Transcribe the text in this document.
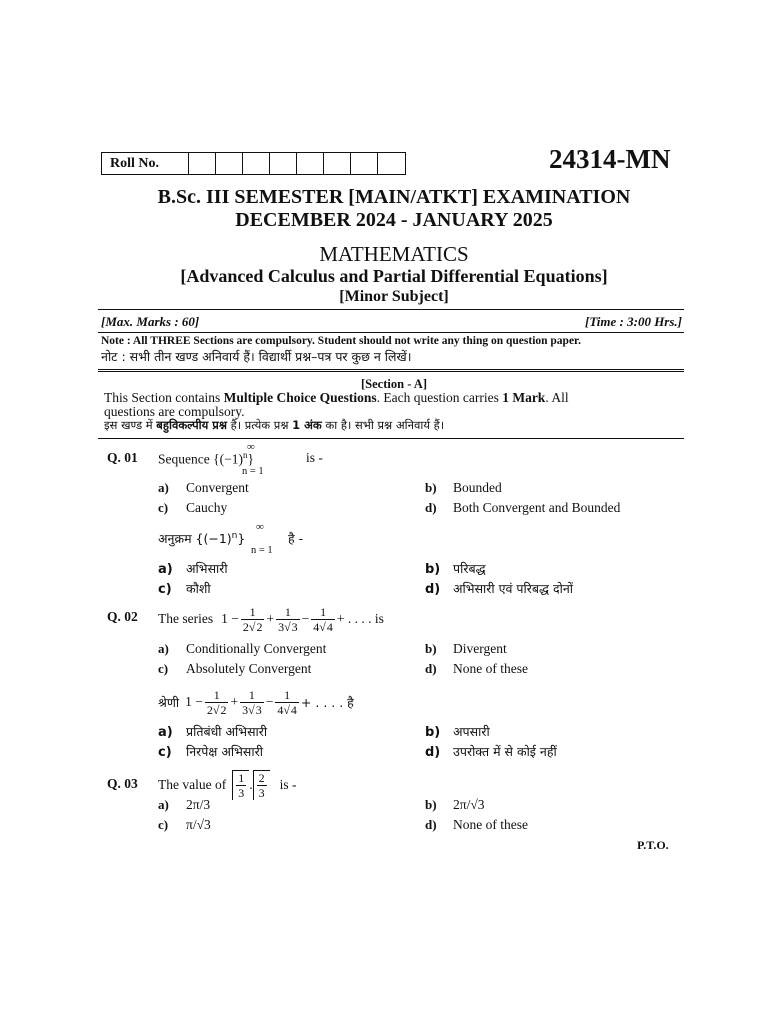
Roll No.	24314-MN
B.Sc. III SEMESTER [MAIN/ATKT] EXAMINATION
DECEMBER 2024 - JANUARY 2025
MATHEMATICS
[Advanced Calculus and Partial Differential Equations]
[Minor Subject]
[Max. Marks : 60]	[Time : 3:00 Hrs.]
Note : All THREE Sections are compulsory. Student should not write any thing on question paper.
नोट : सभी तीन खण्ड अनिवार्य हैं। विद्यार्थी प्रश्न–पत्र पर कुछ न लिखें।
[Section - A]
This Section contains Multiple Choice Questions. Each question carries 1 Mark. All
questions are compulsory.
इस खण्ड में बहुविकल्पीय प्रश्न हैं। प्रत्येक प्रश्न 1 अंक का है। सभी प्रश्न अनिवार्य हैं।
Q. 01 Sequence $\{(-1)^n\}$
∞
n = 1
is -
a) Convergent	b) Bounded
c) Cauchy	d) Both Convergent and Bounded
अनुक्रम $\{(-1)^n\}$
∞
n = 1
है -
a) अभिसारी	b) परिबद्ध
c) कौशी	d) अभिसारी एवं परिबद्ध दोनों
Q. 02 The series $1 - \frac{1}{2√2} + \frac{1}{3√3} - \frac{1}{4√4}$ + . . . . is
a) Conditionally Convergent	b) Divergent
c) Absolutely Convergent	d) None of these
श्रेणी $1 - \frac{1}{2√2} + \frac{1}{3√3} - \frac{1}{4√4}$ + . . . . है
a) प्रतिबंधी अभिसारी	b) अपसारी
c) निरपेक्ष अभिसारी	d) उपरोक्त में से कोई नहीं
Q. 03 The value of $\frac{1}{3}$ . $\frac{2}{3}$ is -
a) 2π/3	b) 2π/√3
c) π/√3	d) None of these
P.T.O.
